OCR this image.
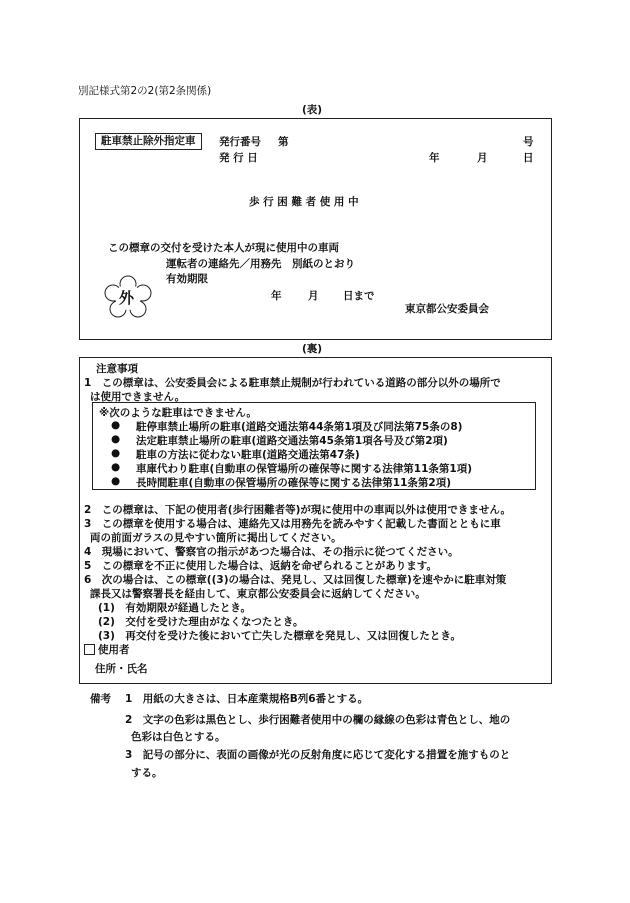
別記様式第2の2(第2条関係)
(表)
駐車禁止除外指定車	発行番号 第	号
発 行 日	年	月	日
歩 行 困 難 者 使 用 中
この標章の交付を受けた本人が現に使用中の車両
運転者の連絡先／用務先　別紙のとおり
有効期限
外	年	月 日まで
東京都公安委員会
(裏)
注意事項
1　この標章は、公安委員会による駐車禁止規制が行われている道路の部分以外の場所で
は使用できません。
※次のような駐車はできません。
● 駐停車禁止場所の駐車(道路交通法第44条第1項及び同法第75条の8)
● 法定駐車禁止場所の駐車(道路交通法第45条第1項各号及び第2項)
● 駐車の方法に従わない駐車(道路交通法第47条)
● 車庫代わり駐車(自動車の保管場所の確保等に関する法律第11条第1項)
● 長時間駐車(自動車の保管場所の確保等に関する法律第11条第2項)
2　この標章は、下記の使用者(歩行困難者等)が現に使用中の車両以外は使用できません。
3　この標章を使用する場合は、連絡先又は用務先を読みやすく記載した書面とともに車
両の前面ガラスの見やすい箇所に掲出してください。
4　現場において、警察官の指示があつた場合は、その指示に従つてください。
5　この標章を不正に使用した場合は、返納を命ぜられることがあります。
6　次の場合は、この標章((3)の場合は、発見し、又は回復した標章)を速やかに駐車対策
課長又は警察署長を経由して、東京都公安委員会に返納してください。
(1)　有効期限が経過したとき。
(2)　交付を受けた理由がなくなつたとき。
(3)　再交付を受けた後において亡失した標章を発見し、又は回復したとき。
使用者
住所・氏名
備考 1　用紙の大きさは、日本産業規格B列6番とする。
2　文字の色彩は黒色とし、歩行困難者使用中の欄の縁線の色彩は青色とし、地の
色彩は白色とする。
3　記号の部分に、表面の画像が光の反射角度に応じて変化する措置を施すものと
する。
